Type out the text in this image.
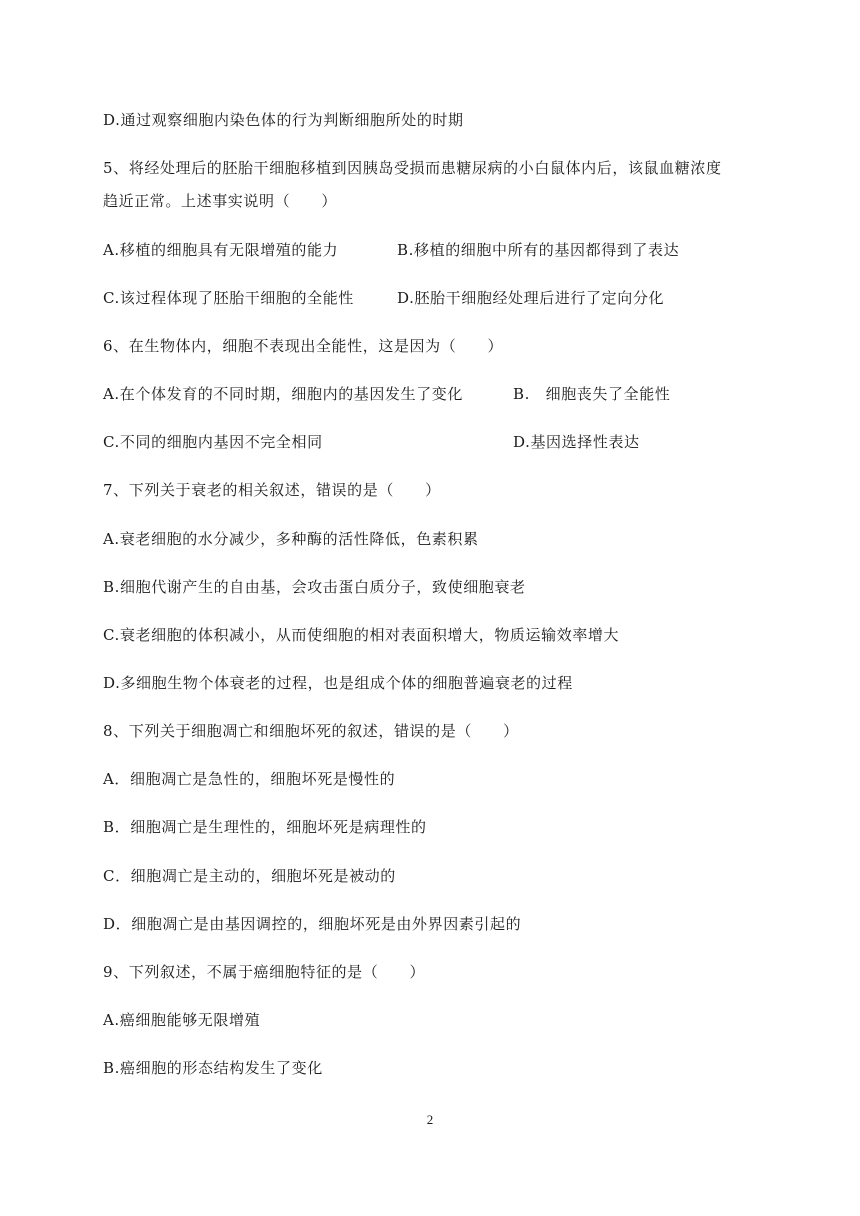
D.通过观察细胞内染色体的行为判断细胞所处的时期
5、将经处理后的胚胎干细胞移植到因胰岛受损而患糖尿病的小白鼠体内后，该鼠血糖浓度
趋近正常。上述事实说明（　　）
A.移植的细胞具有无限增殖的能力	B.移植的细胞中所有的基因都得到了表达
C.该过程体现了胚胎干细胞的全能性	D.胚胎干细胞经处理后进行了定向分化
6、在生物体内，细胞不表现出全能性，这是因为（　　）
A.在个体发育的不同时期，细胞内的基因发生了变化	B.　细胞丧失了全能性
C.不同的细胞内基因不完全相同	D.基因选择性表达
7、下列关于衰老的相关叙述，错误的是（　　）
A.衰老细胞的水分减少，多种酶的活性降低，色素积累
B.细胞代谢产生的自由基，会攻击蛋白质分子，致使细胞衰老
C.衰老细胞的体积减小，从而使细胞的相对表面积增大，物质运输效率增大
D.多细胞生物个体衰老的过程，也是组成个体的细胞普遍衰老的过程
8、下列关于细胞凋亡和细胞坏死的叙述，错误的是（　　）
A．细胞凋亡是急性的，细胞坏死是慢性的
B．细胞凋亡是生理性的，细胞坏死是病理性的
C．细胞凋亡是主动的，细胞坏死是被动的
D．细胞凋亡是由基因调控的，细胞坏死是由外界因素引起的
9、下列叙述，不属于癌细胞特征的是（　　）
A.癌细胞能够无限增殖
B.癌细胞的形态结构发生了变化
2
